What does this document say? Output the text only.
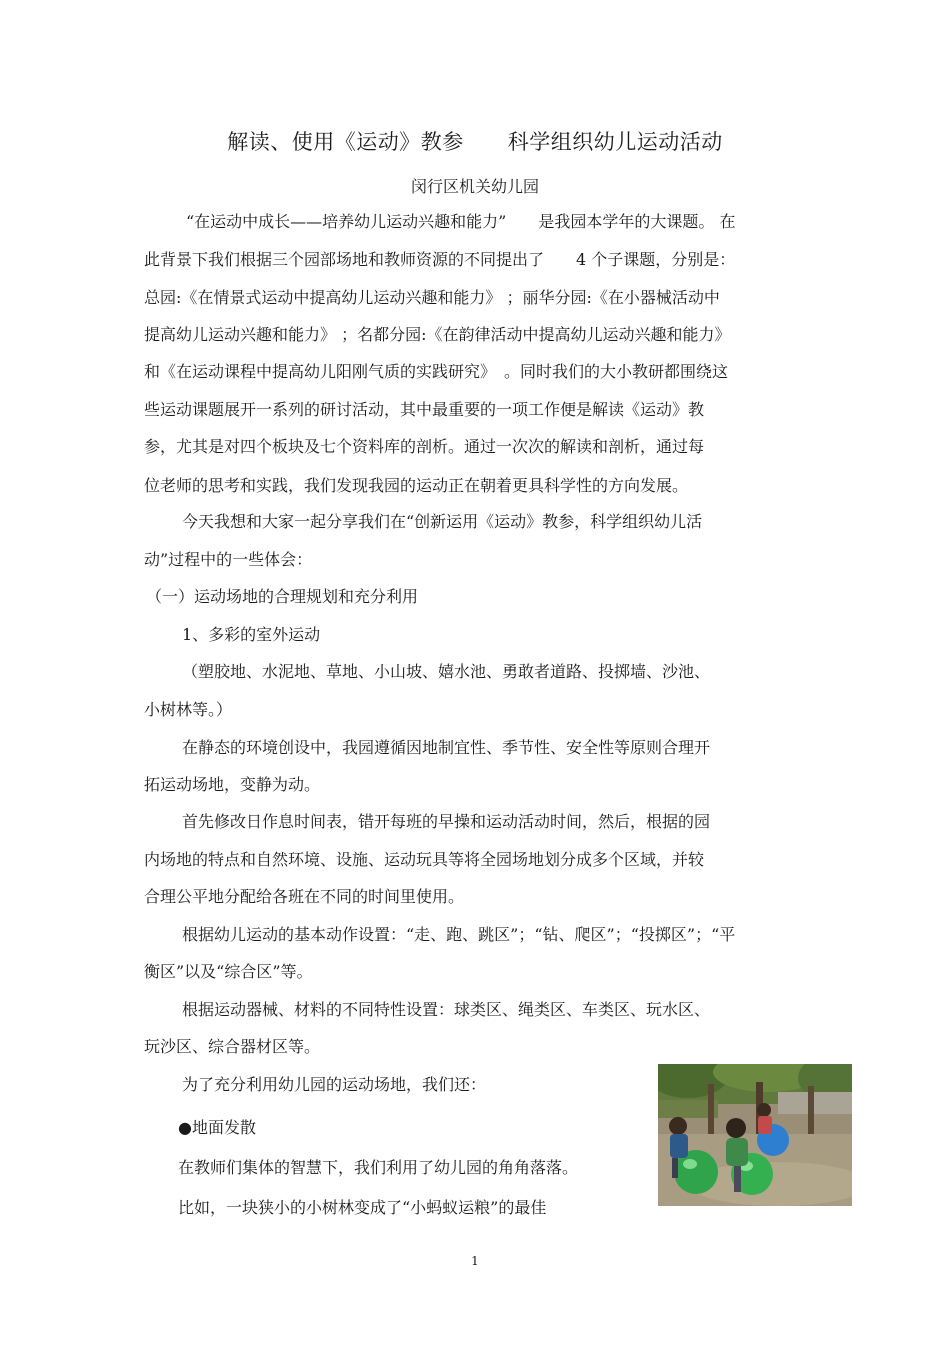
解读、使用《运动》教参 科学组织幼儿运动活动
闵行区机关幼儿园
“在运动中成长——培养幼儿运动兴趣和能力”　　是我园本学年的大课题。 在
此背景下我们根据三个园部场地和教师资源的不同提出了　　4 个子课题，分别是：
总园:《在情景式运动中提高幼儿运动兴趣和能力》 ；丽华分园:《在小器械活动中
提高幼儿运动兴趣和能力》 ；名都分园:《在韵律活动中提高幼儿运动兴趣和能力》
和《在运动课程中提高幼儿阳刚气质的实践研究》　。同时我们的大小教研都围绕这
些运动课题展开一系列的研讨活动，其中最重要的一项工作便是解读《运动》教
参，尤其是对四个板块及七个资料库的剖析。通过一次次的解读和剖析，通过每
位老师的思考和实践，我们发现我园的运动正在朝着更具科学性的方向发展。
今天我想和大家一起分享我们在“创新运用《运动》教参，科学组织幼儿活
动”过程中的一些体会：
（一）运动场地的合理规划和充分利用
1、多彩的室外运动
（塑胶地、水泥地、草地、小山坡、嬉水池、勇敢者道路、投掷墙、沙池、
小树林等。）
在静态的环境创设中，我园遵循因地制宜性、季节性、安全性等原则合理开
拓运动场地，变静为动。
首先修改日作息时间表，错开每班的早操和运动活动时间，然后，根据的园
内场地的特点和自然环境、设施、运动玩具等将全园场地划分成多个区域，并较
合理公平地分配给各班在不同的时间里使用。
根据幼儿运动的基本动作设置：“走、跑、跳区”；“钻、爬区”；“投掷区”；“平
衡区”以及“综合区”等。
根据运动器械、材料的不同特性设置：球类区、绳类区、车类区、玩水区、
玩沙区、综合器材区等。
为了充分利用幼儿园的运动场地，我们还：
●地面发散
在教师们集体的智慧下，我们利用了幼儿园的角角落落。
比如，一块狭小的小树林变成了“小蚂蚁运粮”的最佳
1
